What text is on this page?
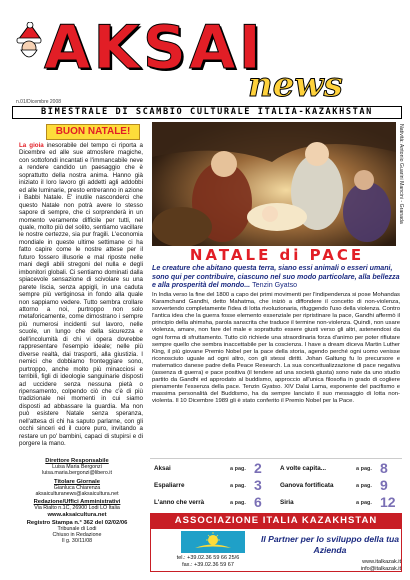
AKSAI
news
n.01/Dicembre 2008
BIMESTRALE DI SCAMBIO CULTURALE ITALIA-KAZAKHSTAN
BUON NATALE!
La gioia inesorabile del tempo ci riporta a Dicembre ed alle sue atmosfere magiche, con sottofondi incantati e l'immancabile neve a rendere candido un paesaggio che è soprattutto della nostra anima. Hanno già iniziato il loro lavoro gli addetti agli addobbi ed alle luminarie, presto entreranno in azione i Babbi Natale. E' inutile nasconderci che questo Natale non potrà avere lo stesso sapore di sempre, che ci sorprenderà in un momento veramente difficile per tutti, nel quale, molto più del solito, sentiamo vacillare le nostre certezze, sia pur fragili. L'economia mondiale in queste ultime settimane ci ha fatto capire come le nostre attese per il futuro fossero illusorie e mal riposte nelle mani degli abili stregoni del nulla e degli imbonitori globali. Ci sentiamo dominati dalla spiacevole sensazione di scivolare su una parete liscia, senza appigli, in una caduta sempre più vertiginosa in fondo alla quale non sappiamo vedere. Tutto sembra crollare attorno a noi, purtroppo non solo metaforicamente, come dimostrano i sempre più numerosi incidenti sul lavoro, nelle scuole, un lungo che della sicurezza e dell'incolumità di chi vi opera dovrebbe rappresentare l'esempio ideale; nelle più diverse realtà, dai trasporti, alla giustizia. I nemici che dobbiamo fronteggiare sono, purtroppo, anche molto più minacciosi e terribili, figli di ideologie sanguinarie disposti ad uccidere senza nessuna pietà o ripensamento, colpendo ciò che c'è di più tradizionale nei momenti in cui siamo disposti ad abbassare la guardia. Ma non può esistere Natale senza speranza, nell'attesa di chi ha saputo parlarne, con gli occhi sinceri ed il cuore puro, invitando a restare un po' bambini, capaci di stupirsi e di porgere la mano.
Direttore Responsabile
Luisa Maria Bergonzi
luisa.maria.bergonzi@libero.it
Titolare Giornale
Gianluca Chiarenza
aksaiculturanews@aksaicultura.net
Redazione/Uffici Amministrativi
Via Rialto n.1C, 26900 Lodi LO Italia
www.aksaicultura.net
Registro Stampa n.° 362 del 02/02/06
Tribunale di Lodi
Chiuso in Redazione
Il g. 30/11/08
Natività: Antonio Guarini Mancini - Granada
NATALE di PACE
Le creature che abitano questa terra, siano essi animali o esseri umani, sono qui per contribuire, ciascuno nel suo modo particolare, alla bellezza e alla prosperità del mondo... Tenzin Gyatso
In India verso la fine del 1800 a capo dei primi movimenti per l'indipendenza si pose Mohandas Karamchand Gandhi, detto Mahatma, che iniziò a diffondere il concetto di non-violenza, sovvertendo completamente l'idea di lotta rivoluzionaria, rifuggendo l'uso della violenza. Contro l'antica idea che la guerra fosse elemento essenziale per ripristinare la pace, Gandhi affermò il principio della ahimsha, parola sanscrita che traduce il termine non-violenza. Quindi, non usare violenza, amare, non fare del male e soprattutto essere giusti verso gli altri, astenendosi da ogni forma di sfruttamento. Tutto ciò richiede una straordinaria forza d'animo per poter rifiutare sempre quello che sembra inaccettabile per la coscienza. I have a dream diceva Martin Luther King, il più giovane Premio Nobel per la pace della storia, agendo perché ogni uomo venisse riconosciuto uguale ad ogni altro, con gli stessi diritti. Johan Galtung fu lo precursore e matematico danese padre della Peace Research. La sua concettualizzazione di pace negativa (assenza di guerra) e pace positiva (il tendere ad una società giusta) sono nate da uno studio partito da Gandhi ed approdato al buddismo, approccio all'unica filosofia in grado di cogliere pienamente l'essenza della pace. Tenzin Gyatso. XIV Dalai Lama, esponente del pacifismo e massima personalità del Buddismo, ha da sempre lanciato il suo messaggio di lotta non-violenta. Il 10 Dicembre 1989 gli è stato conferito il Premio Nobel per la Pace.
Aksai	a pag. 2
Espaliarre	a pag. 3
L'anno che verrà	a pag. 6
A volte capita...	a pag. 8
Ganova fortificata	a pag. 9
Siria	a pag. 12
ASSOCIAZIONE ITALIA KAZAKHSTAN
Il Partner per lo sviluppo della tua Azienda
tel.: +39.02.36 59 66 25/6
fax.: +39.02.36 59 67	www.italkazak.it
info@italkazak.it
